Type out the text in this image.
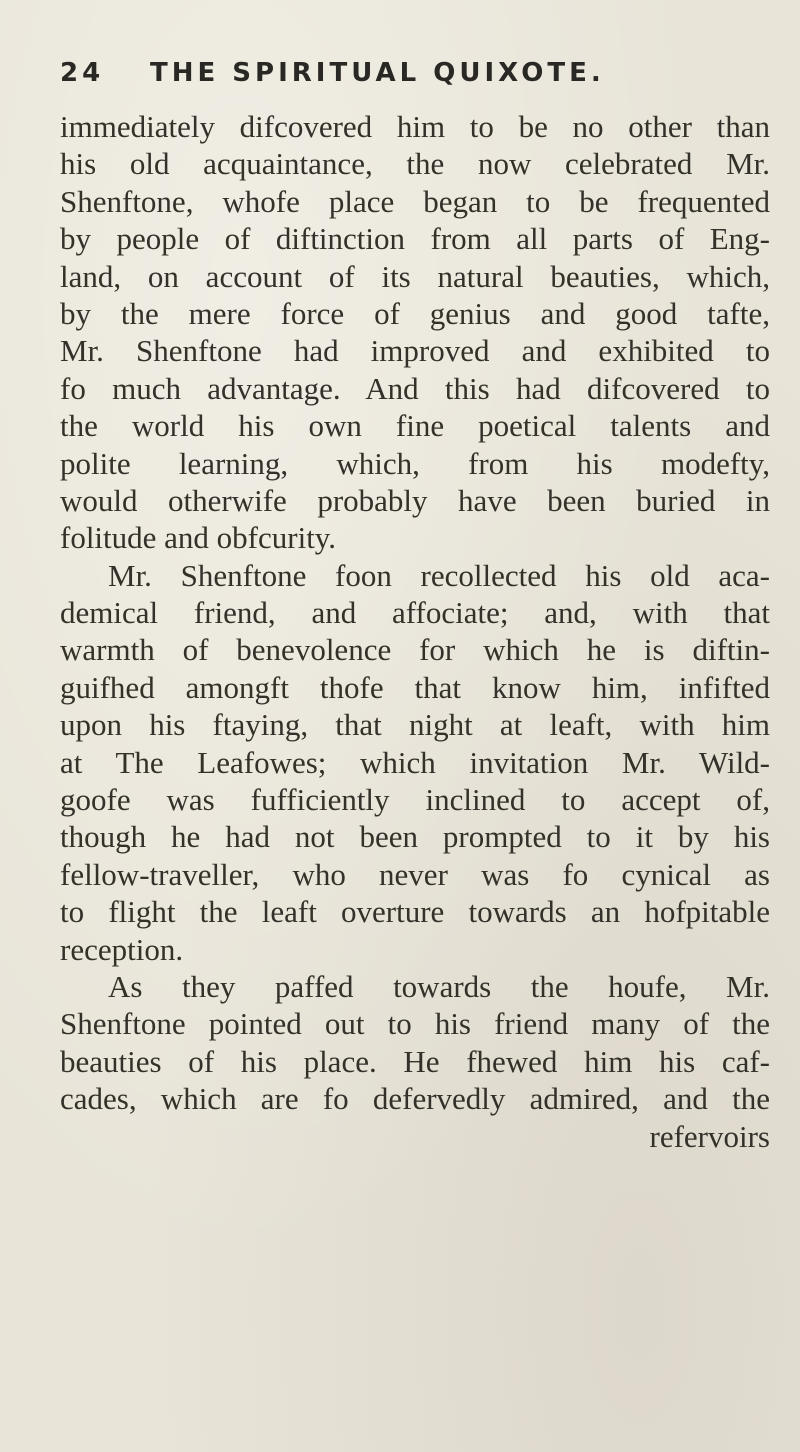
24 THE SPIRITUAL QUIXOTE.
immediately difcovered him to be no other than
his old acquaintance, the now celebrated Mr.
Shenftone, whofe place began to be frequented
by people of diftinction from all parts of Eng-
land, on account of its natural beauties, which,
by the mere force of genius and good tafte,
Mr. Shenftone had improved and exhibited to
fo much advantage. And this had difcovered to
the world his own fine poetical talents and
polite learning, which, from his modefty,
would otherwife probably have been buried in
folitude and obfcurity.
Mr. Shenftone foon recollected his old aca-
demical friend, and affociate; and, with that
warmth of benevolence for which he is diftin-
guifhed amongft thofe that know him, infifted
upon his ftaying, that night at leaft, with him
at The Leafowes; which invitation Mr. Wild-
goofe was fufficiently inclined to accept of,
though he had not been prompted to it by his
fellow-traveller, who never was fo cynical as
to flight the leaft overture towards an hofpitable
reception.
As they paffed towards the houfe, Mr.
Shenftone pointed out to his friend many of the
beauties of his place. He fhewed him his caf-
cades, which are fo defervedly admired, and the
refervoirs
